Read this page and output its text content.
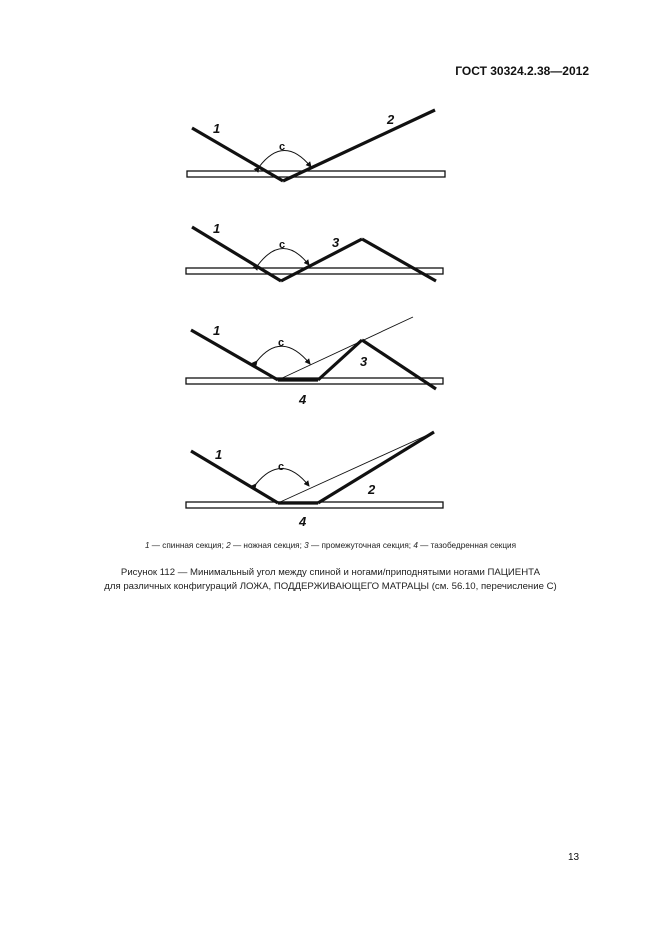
ГОСТ 30324.2.38—2012
1
2
c
1
3
c
1
3
4
c
1
2
4
c
1 — спинная секция; 2 — ножная секция; 3 — промежуточная секция; 4 — тазобедренная секция
Рисунок 112 — Минимальный угол между спиной и ногами/приподнятыми ногами ПАЦИЕНТА
для различных конфигураций ЛОЖА, ПОДДЕРЖИВАЮЩЕГО МАТРАЦЫ (см. 56.10, перечисление С)
13
